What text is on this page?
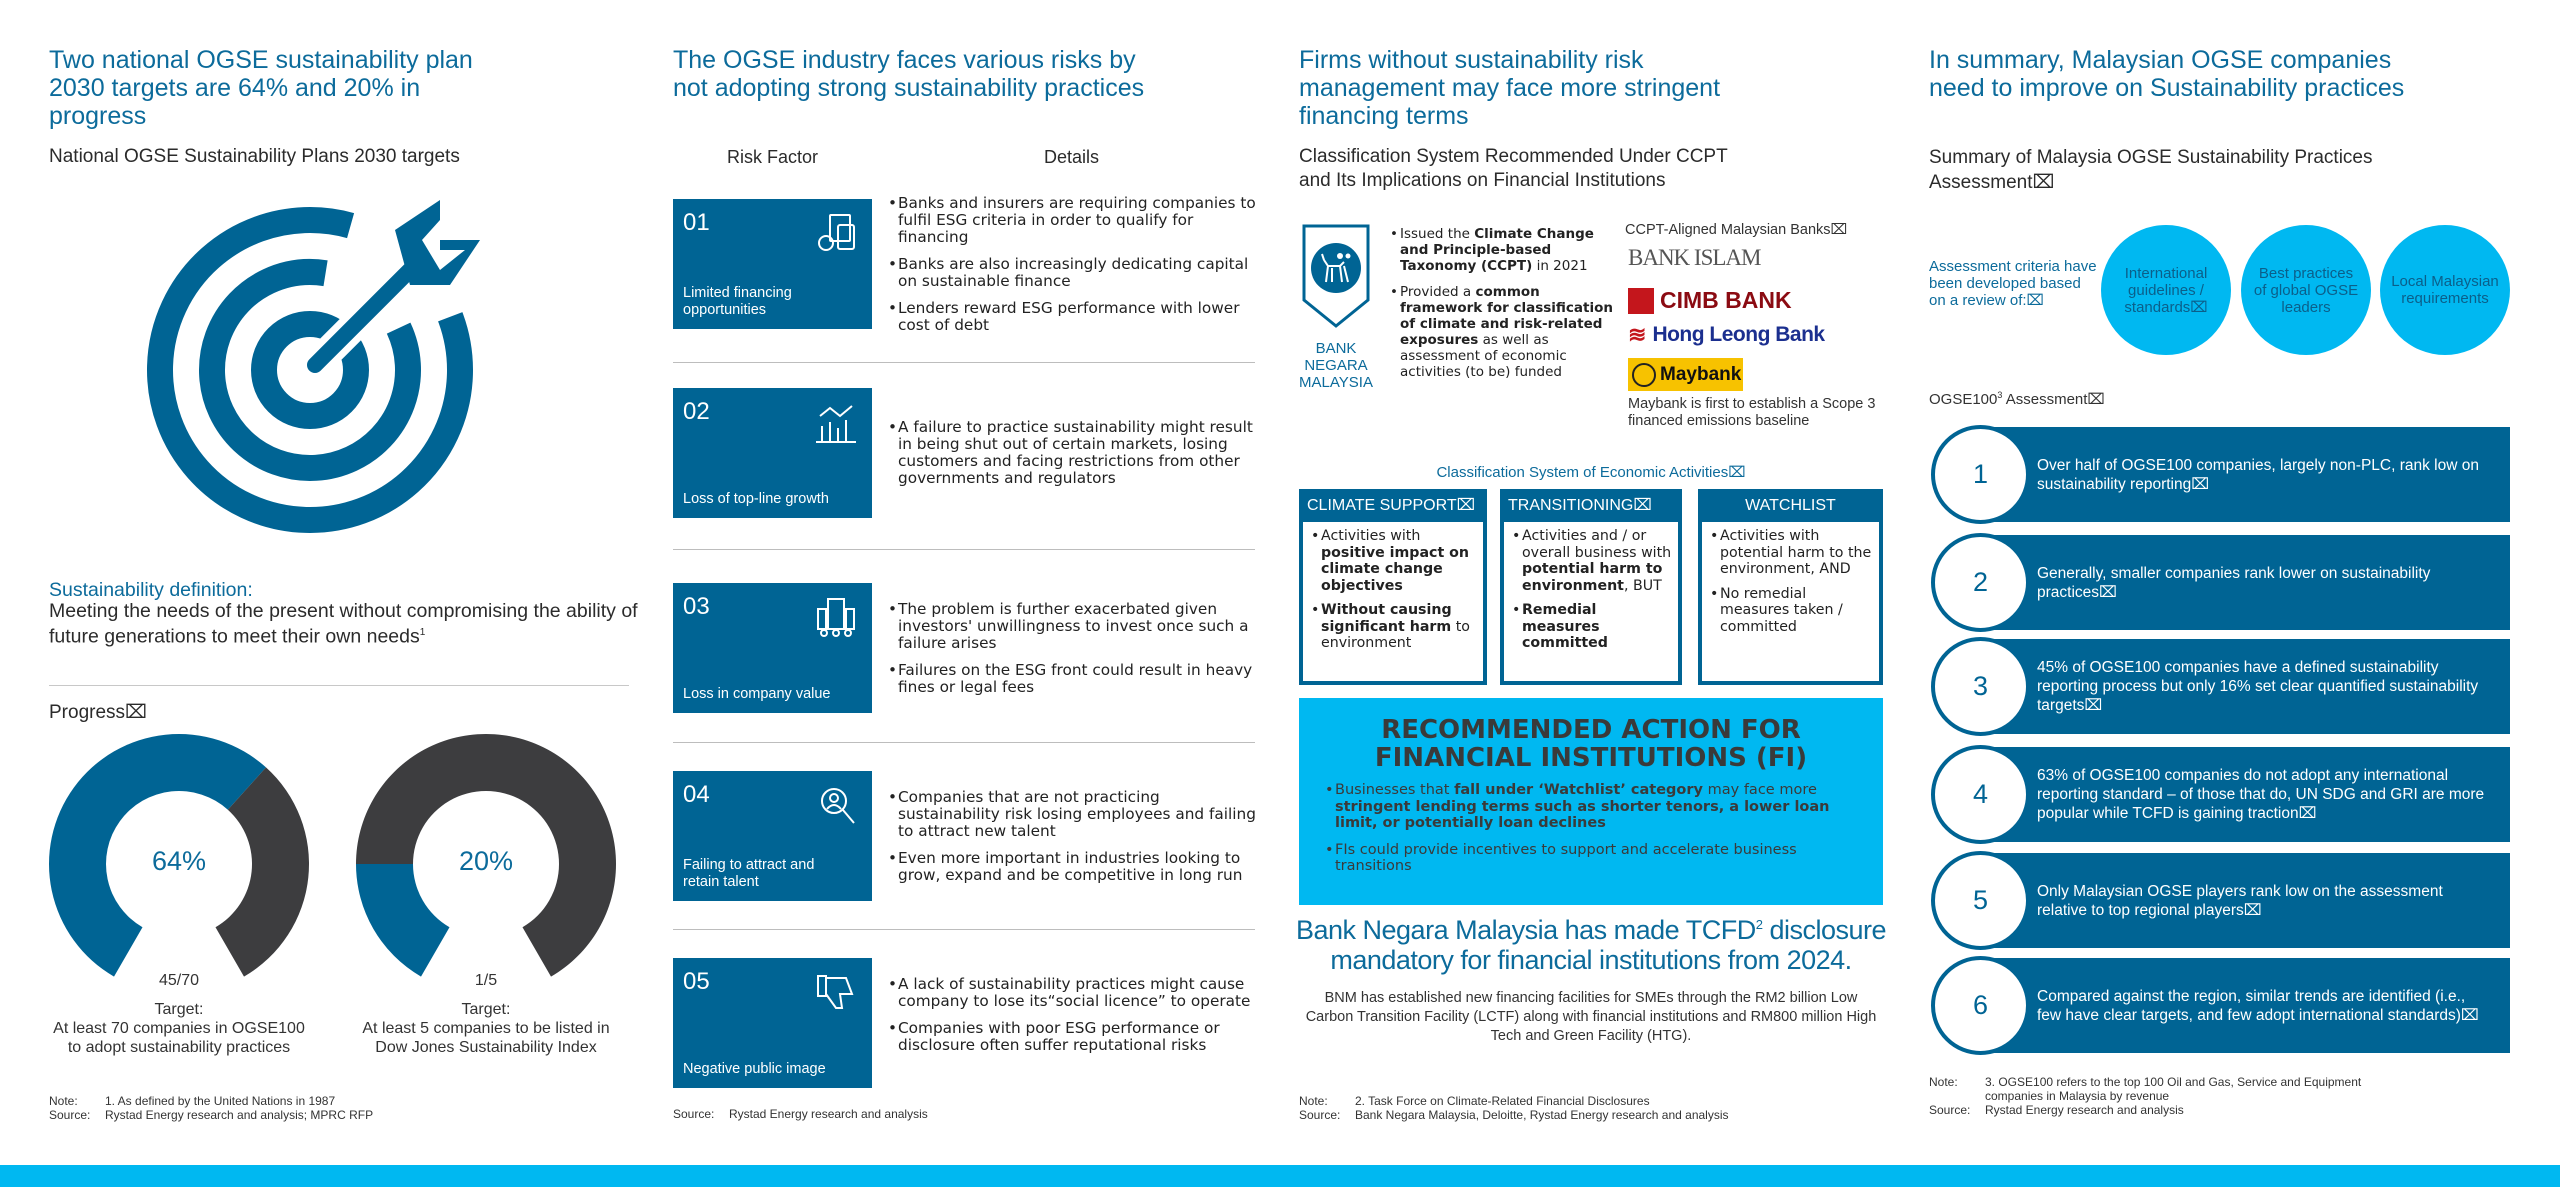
Two national OGSE sustainability plan 2030 targets are 64% and 20% in progress
National OGSE Sustainability Plans 2030 targets
Sustainability definition:
Meeting the needs of the present without compromising the ability of future generations to meet their own needs$^1$
Progress⌧
64%
45/70
Target:
At least 70 companies in OGSE100 to adopt sustainability practices
20%
1/5
Target:
At least 5 companies to be listed in Dow Jones Sustainability Index
Note: 1. As defined by the United Nations in 1987
Source: Rystad Energy research and analysis; MPRC RFP
The OGSE industry faces various risks by not adopting strong sustainability practices
Risk Factor	Details
01
Limited financing opportunities
• Banks and insurers are requiring companies to fulfil ESG criteria in order to qualify for financing
• Banks are also increasingly dedicating capital on sustainable finance
• Lenders reward ESG performance with lower cost of debt
02
Loss of top-line growth
• A failure to practice sustainability might result in being shut out of certain markets, losing customers and facing restrictions from other governments and regulators
03
Loss in company value
• The problem is further exacerbated given investors' unwillingness to invest once such a failure arises
• Failures on the ESG front could result in heavy fines or legal fees
04
Failing to attract and retain talent
• Companies that are not practicing sustainability risk losing employees and failing to attract new talent
• Even more important in industries looking to grow, expand and be competitive in long run
05
Negative public image
• A lack of sustainability practices might cause company to lose its“social licence” to operate
• Companies with poor ESG performance or disclosure often suffer reputational risks
Source: Rystad Energy research and analysis
Firms without sustainability risk management may face more stringent financing terms
Classification System Recommended Under CCPT and Its Implications on Financial Institutions
BANK NEGARA MALAYSIA
• Issued the Climate Change and Principle-based Taxonomy (CCPT) in 2021
• Provided a common framework for classification of climate and risk-related exposures as well as assessment of economic activities (to be) funded
CCPT-Aligned Malaysian Banks⌧
BANK ISLAM
CIMB BANK
≋ Hong Leong Bank
Maybank
Maybank is first to establish a Scope 3 financed emissions baseline
Classification System of Economic Activities⌧
CLIMATE SUPPORT⌧
• Activities with positive impact on climate change objectives
• Without causing significant harm to environment
TRANSITIONING⌧
• Activities and / or overall business with potential harm to environment, BUT
• Remedial measures committed
WATCHLIST
• Activities with potential harm to the environment, AND
• No remedial measures taken / committed
RECOMMENDED ACTION FOR FINANCIAL INSTITUTIONS (FI)
• Businesses that fall under ‘Watchlist’ category may face more stringent lending terms such as shorter tenors, a lower loan limit, or potentially loan declines
• FIs could provide incentives to support and accelerate business transitions
Bank Negara Malaysia has made TCFD$^2$ disclosure mandatory for financial institutions from 2024.
BNM has established new financing facilities for SMEs through the RM2 billion Low Carbon Transition Facility (LCTF) along with financial institutions and RM800 million High Tech and Green Facility (HTG).
Note: 2. Task Force on Climate-Related Financial Disclosures
Source: Bank Negara Malaysia, Deloitte, Rystad Energy research and analysis
In summary, Malaysian OGSE companies need to improve on Sustainability practices
Summary of Malaysia OGSE Sustainability Practices Assessment⌧
Assessment criteria have been developed based on a review of:⌧
International guidelines / standards⌧
Best practices of global OGSE leaders
Local Malaysian requirements
$OGSE100^3$ Assessment⌧
1	Over half of OGSE100 companies, largely non-PLC, rank low on sustainability reporting⌧
2	Generally, smaller companies rank lower on sustainability practices⌧
3
45% of OGSE100 companies have a defined sustainability reporting process but only 16% set clear quantified sustainability targets⌧
4
63% of OGSE100 companies do not adopt any international reporting standard – of those that do, UN SDG and GRI are more popular while TCFD is gaining traction⌧
5	Only Malaysian OGSE players rank low on the assessment relative to top regional players⌧
6	Compared against the region, similar trends are identified (i.e., few have clear targets, and few adopt international standards)⌧
Note:	3. OGSE100 refers to the top 100 Oil and Gas, Service and Equipment companies in Malaysia by revenue
Source: Rystad Energy research and analysis
